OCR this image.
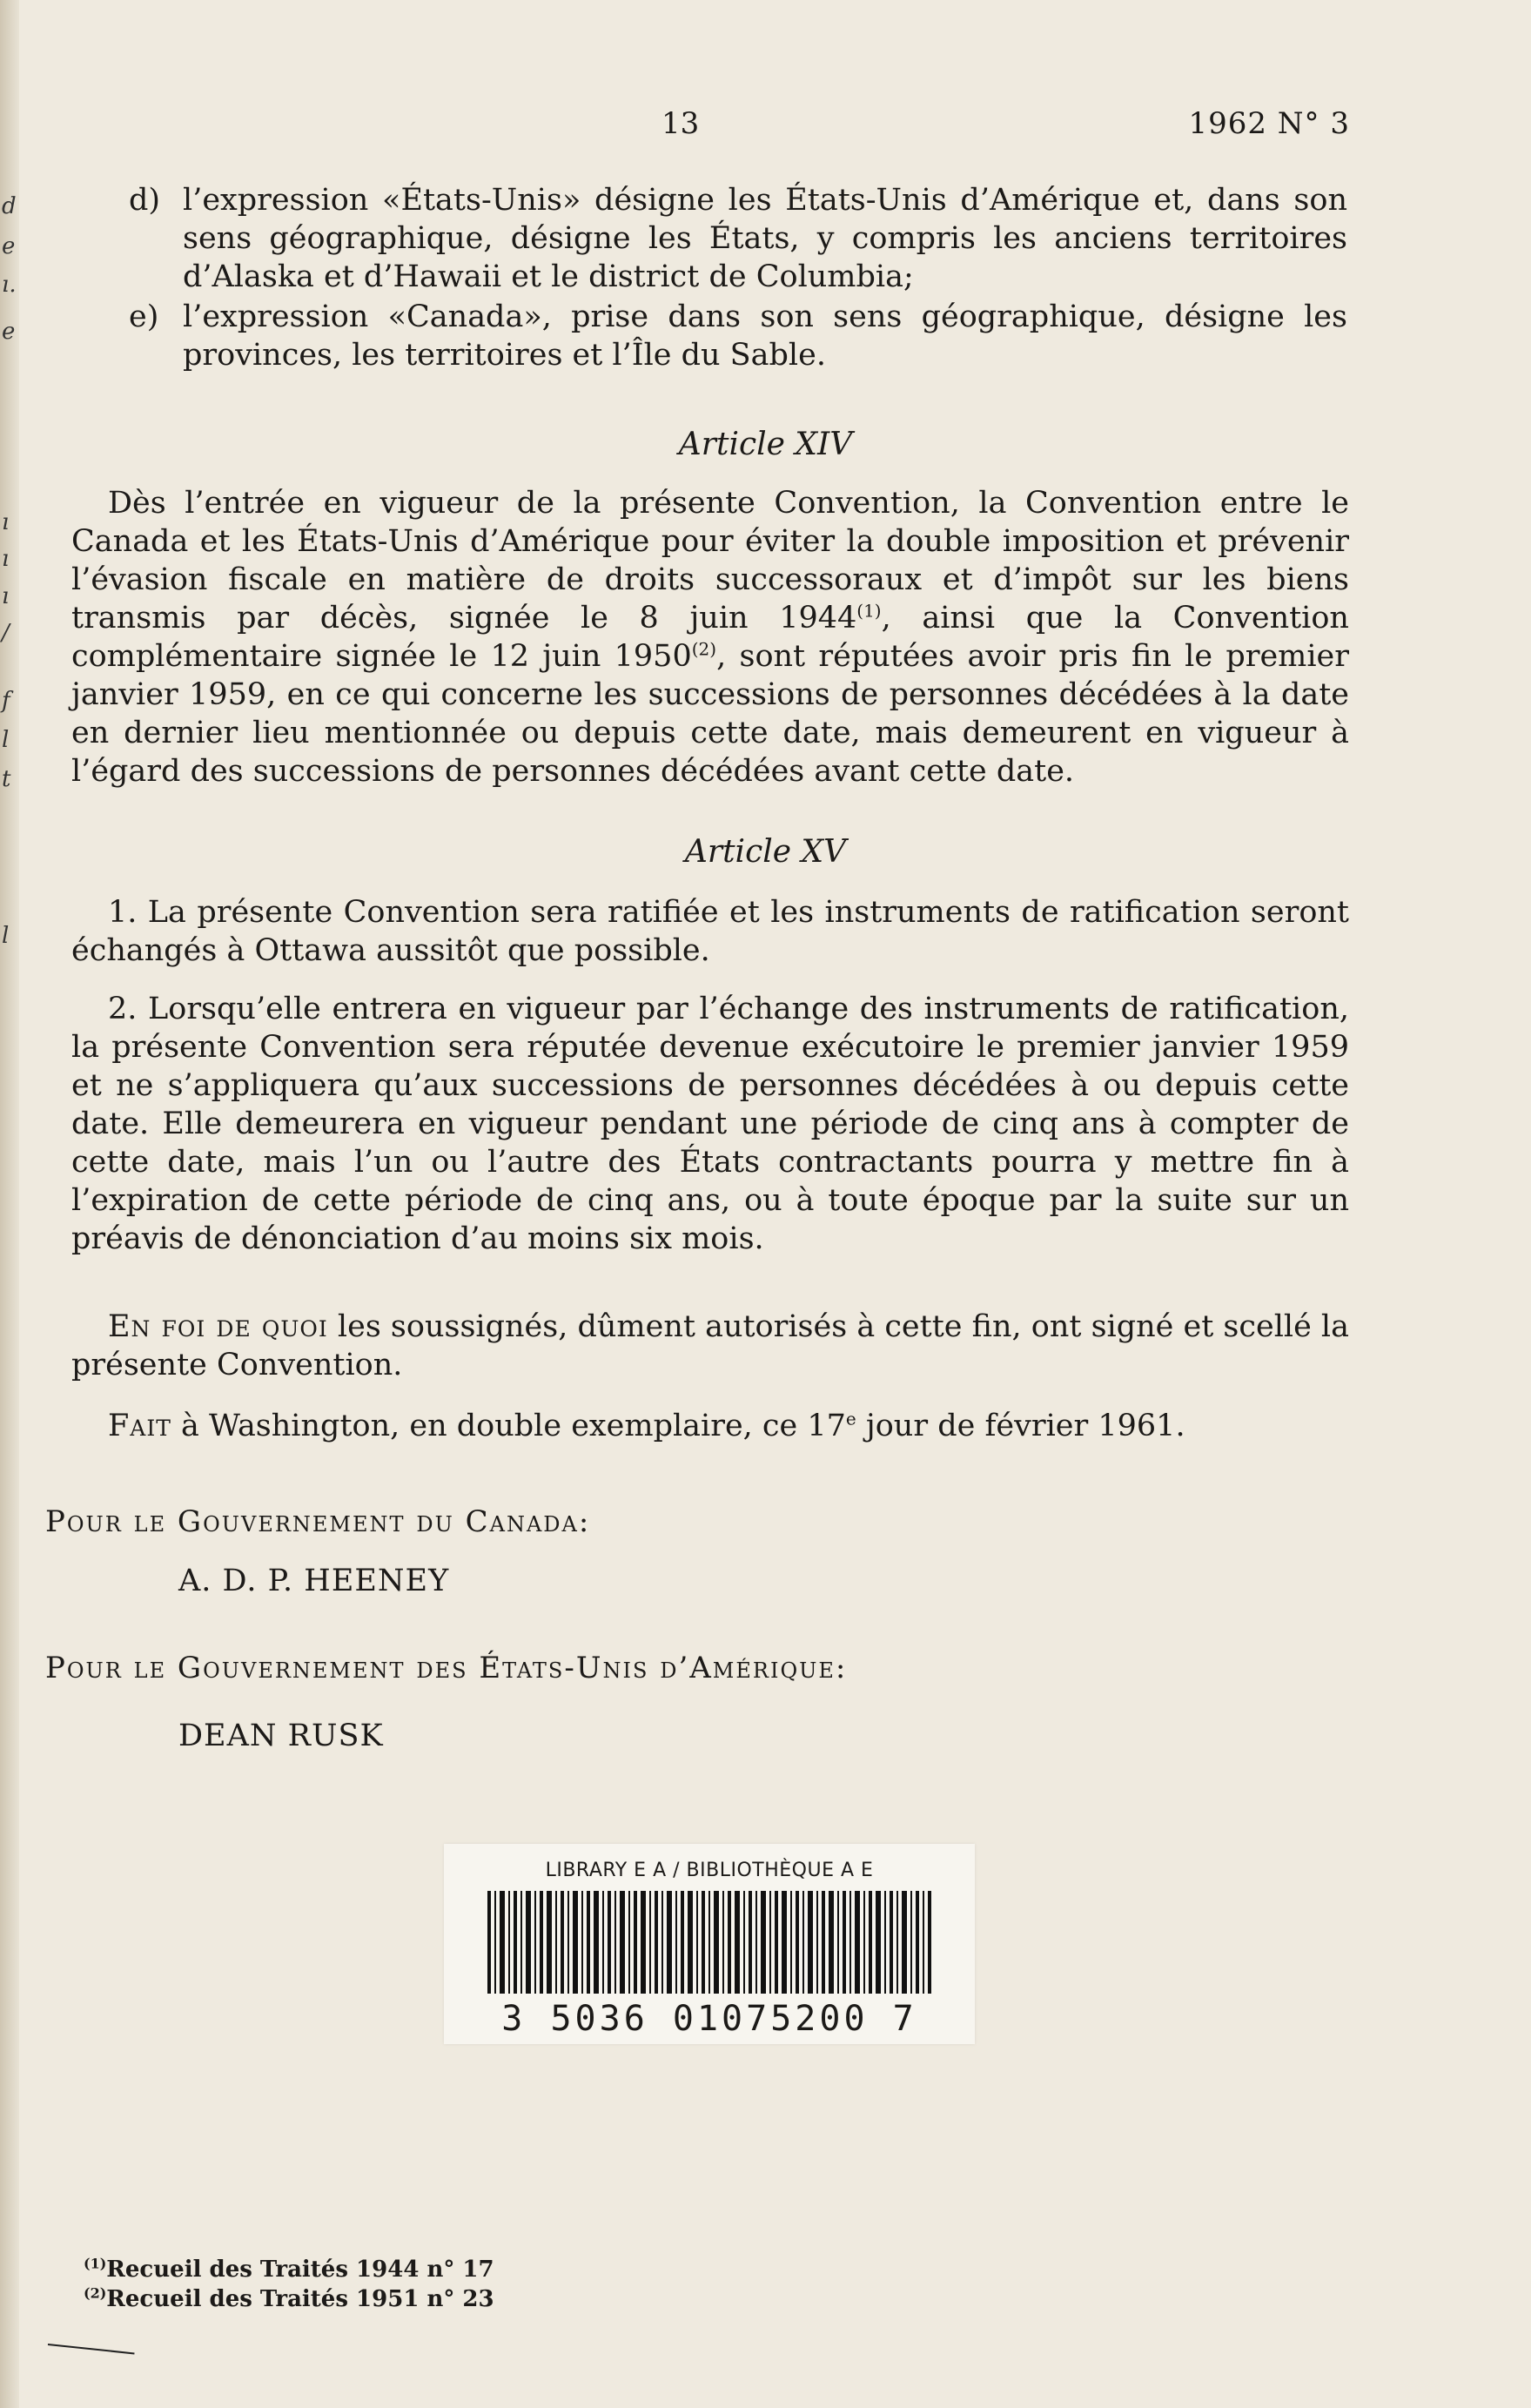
d
e
ı.
e
ı
ı
ı
/
f
l
t
l
13	1962 N° 3
d) l’expression «États-Unis» désigne les États-Unis d’Amérique et, dans son sens géographique, désigne les États, y compris les anciens territoires d’Alaska et d’Hawaii et le district de Columbia;
e) l’expression «Canada», prise dans son sens géographique, désigne les provinces, les territoires et l’Île du Sable.
Article XIV
Dès l’entrée en vigueur de la présente Convention, la Convention entre le Canada et les États-Unis d’Amérique pour éviter la double imposition et prévenir l’évasion fiscale en matière de droits successoraux et d’impôt sur les biens transmis par décès, signée le 8 juin 1944$^{(1)}$, ainsi que la Convention complémentaire signée le 12 juin 1950$^{(2)}$, sont réputées avoir pris fin le premier janvier 1959, en ce qui concerne les successions de personnes décédées à la date en dernier lieu mentionnée ou depuis cette date, mais demeurent en vigueur à l’égard des successions de personnes décédées avant cette date.
Article XV
1. La présente Convention sera ratifiée et les instruments de ratification seront échangés à Ottawa aussitôt que possible.
2. Lorsqu’elle entrera en vigueur par l’échange des instruments de ratification, la présente Convention sera réputée devenue exécutoire le premier janvier 1959 et ne s’appliquera qu’aux successions de personnes décédées à ou depuis cette date. Elle demeurera en vigueur pendant une période de cinq ans à compter de cette date, mais l’un ou l’autre des États contractants pourra y mettre fin à l’expiration de cette période de cinq ans, ou à toute époque par la suite sur un préavis de dénonciation d’au moins six mois.
En foi de quoi les soussignés, dûment autorisés à cette fin, ont signé et scellé la présente Convention.
Fait à Washington, en double exemplaire, ce 17e jour de février 1961.
Pour le Gouvernement du Canada:
A. D. P. HEENEY
Pour le Gouvernement des États-Unis d’Amérique:
DEAN RUSK
LIBRARY E A / BIBLIOTHÈQUE A E
3 5036 01075200 7
$^{(1)}$Recueil des Traités 1944 n° 17
$^{(2)}$Recueil des Traités 1951 n° 23
